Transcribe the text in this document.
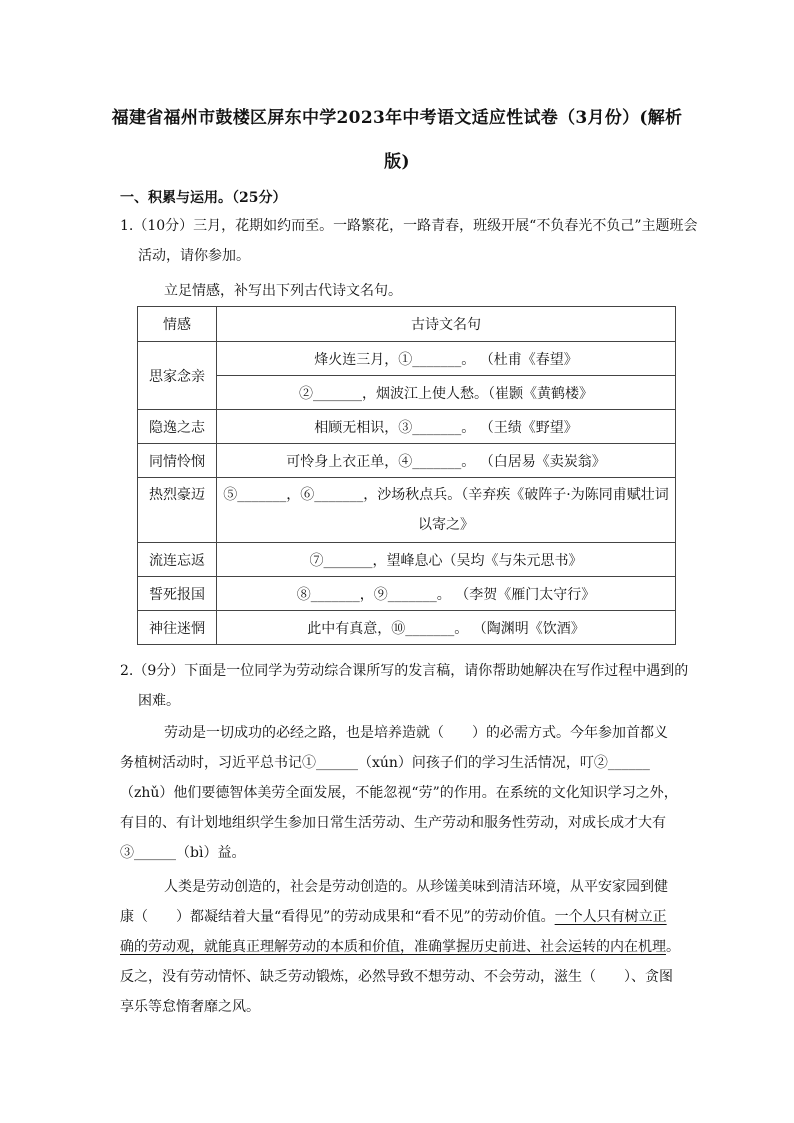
福建省福州市鼓楼区屏东中学2023年中考语文适应性试卷（3月份）(解析版)
一、积累与运用。（25分）
1.（10分）三月，花期如约而至。一路繁花，一路青春，班级开展“不负春光不负己”主题班会活动，请你参加。
立足情感，补写出下列古代诗文名句。
情感	古诗文名句
思家念亲	烽火连三月，①_______。 （杜甫《春望》
	②_______，烟波江上使人愁。（崔颢《黄鹤楼》
隐逸之志	相顾无相识，③_______。 （王绩《野望》
同情怜悯	可怜身上衣正单，④_______。 （白居易《卖炭翁》
热烈豪迈	⑤_______，⑥_______，沙场秋点兵。（辛弃疾《破阵子·为陈同甫赋壮词以寄之》
流连忘返	⑦_______，望峰息心（吴均《与朱元思书》
誓死报国	⑧_______，⑨_______。 （李贺《雁门太守行》
神往迷惘	此中有真意，⑩_______。 （陶渊明《饮酒》
2.（9分）下面是一位同学为劳动综合课所写的发言稿，请你帮助她解决在写作过程中遇到的困难。
劳动是一切成功的必经之路，也是培养造就（　　）的必需方式。今年参加首都义务植树活动时，习近平总书记①______（xún）问孩子们的学习生活情况，叮②______（zhǔ）他们要德智体美劳全面发展，不能忽视“劳”的作用。在系统的文化知识学习之外，有目的、有计划地组织学生参加日常生活劳动、生产劳动和服务性劳动，对成长成才大有③______（bì）益。
人类是劳动创造的，社会是劳动创造的。从珍馐美味到清洁环境，从平安家园到健康（　　）都凝结着大量“看得见”的劳动成果和“看不见”的劳动价值。一个人只有树立正确的劳动观，就能真正理解劳动的本质和价值，准确掌握历史前进、社会运转的内在机理。反之，没有劳动情怀、缺乏劳动锻炼，必然导致不想劳动、不会劳动，滋生（　　）、贪图享乐等怠惰奢靡之风。
